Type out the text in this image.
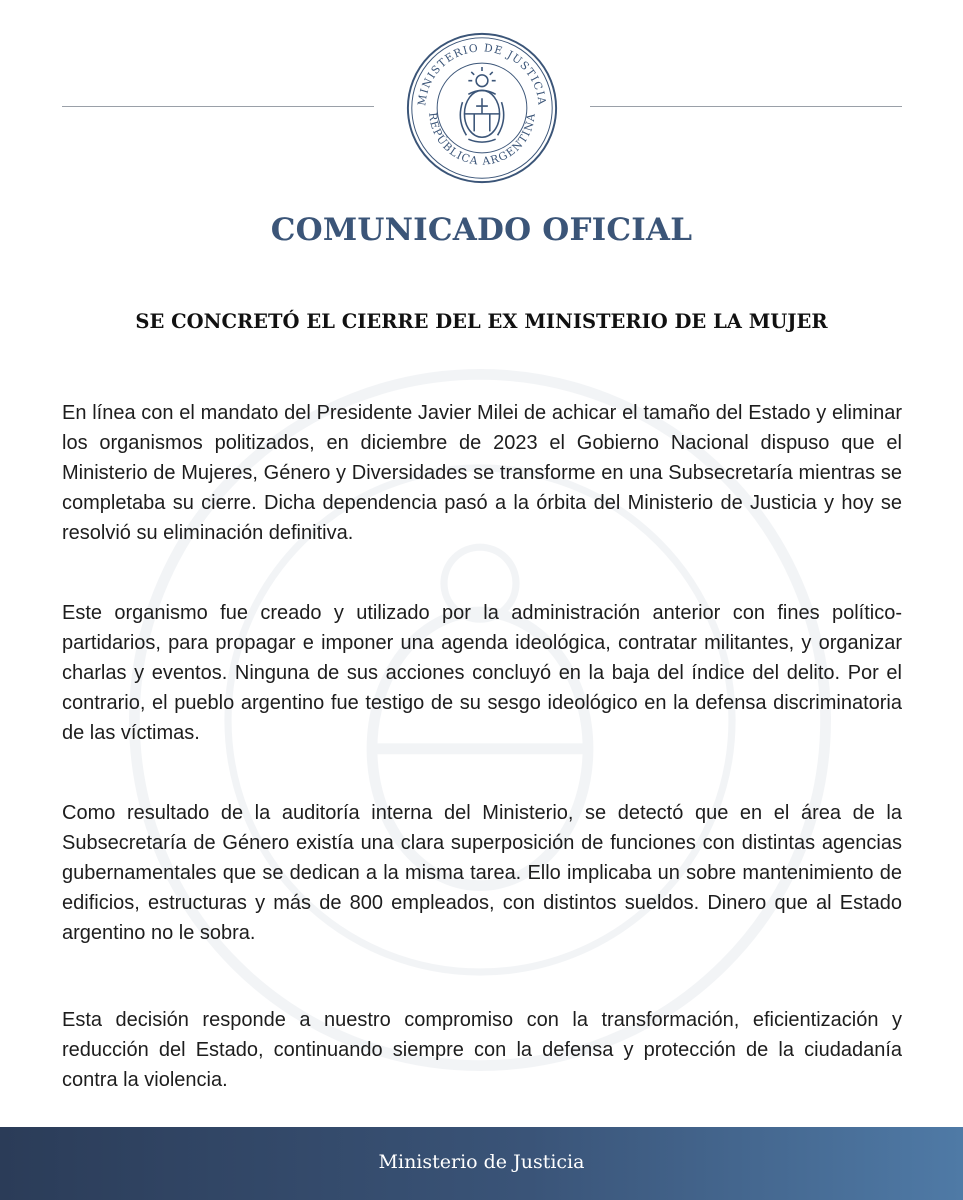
MINISTERIO DE JUSTICIA
REPÚBLICA ARGENTINA
COMUNICADO OFICIAL
SE CONCRETÓ EL CIERRE DEL EX MINISTERIO DE LA MUJER

En línea con el mandato del Presidente Javier Milei de achicar el tamaño del Estado y eliminar los organismos politizados, en diciembre de 2023 el Gobierno Nacional dispuso que el Ministerio de Mujeres, Género y Diversidades se transforme en una Subsecretaría mientras se completaba su cierre. Dicha dependencia pasó a la órbita del Ministerio de Justicia y hoy se resolvió su eliminación definitiva.

Este organismo fue creado y utilizado por la administración anterior con fines político-partidarios, para propagar e imponer una agenda ideológica, contratar militantes, y organizar charlas y eventos. Ninguna de sus acciones concluyó en la baja del índice del delito. Por el contrario, el pueblo argentino fue testigo de su sesgo ideológico en la defensa discriminatoria de las víctimas.

Como resultado de la auditoría interna del Ministerio, se detectó que en el área de la Subsecretaría de Género existía una clara superposición de funciones con distintas agencias gubernamentales que se dedican a la misma tarea. Ello implicaba un sobre mantenimiento de edificios, estructuras y más de 800 empleados, con distintos sueldos. Dinero que al Estado argentino no le sobra.

Esta decisión responde a nuestro compromiso con la transformación, eficientización y reducción del Estado, continuando siempre con la defensa y protección de la ciudadanía contra la violencia.

Ministerio de Justicia
